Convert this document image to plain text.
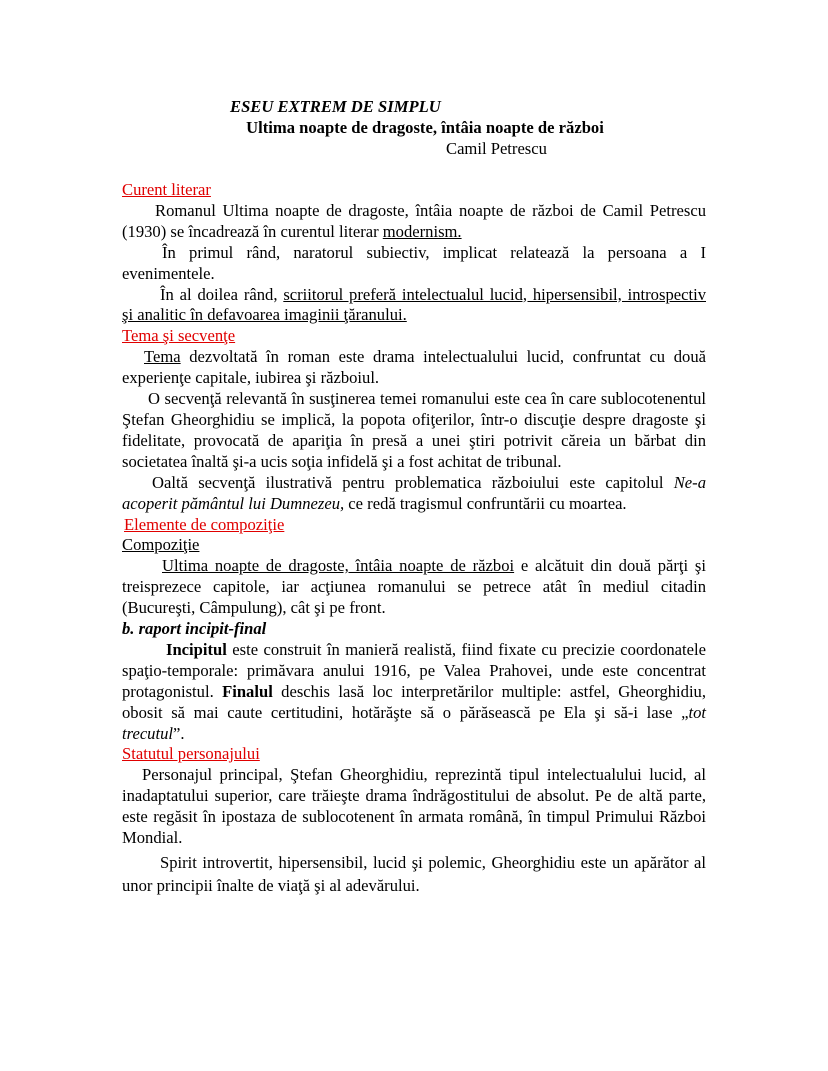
ESEU EXTREM DE SIMPLU
Ultima noapte de dragoste, întâia noapte de război
Camil Petrescu
Curent literar

Romanul Ultima noapte de dragoste, întâia noapte de război de Camil Petrescu (1930) se încadrează în curentul literar modernism.

În primul rând, naratorul subiectiv, implicat relatează la persoana a I evenimentele.

În al doilea rând, scriitorul preferă intelectualul lucid, hipersensibil, introspectiv şi analitic în defavoarea imaginii ţăranului.

Tema şi secvenţe

Tema dezvoltată în roman este drama intelectualului lucid, confruntat cu două experienţe capitale, iubirea şi războiul.

O secvenţă relevantă în susţinerea temei romanului este cea în care sublocotenentul Ştefan Gheorghidiu se implică, la popota ofiţerilor, într-o discuţie despre dragoste şi fidelitate, provocată de apariţia în presă a unei ştiri potrivit căreia un bărbat din societatea înaltă şi-a ucis soţia infidelă şi a fost achitat de tribunal.

Oaltă secvenţă ilustrativă pentru problematica războiului este capitolul Ne-a acoperit pământul lui Dumnezeu, ce redă tragismul confruntării cu moartea.

Elemente de compoziţie
Compoziţie

Ultima noapte de dragoste, întâia noapte de război e alcătuit din două părţi şi treisprezece capitole, iar acţiunea romanului se petrece atât în mediul citadin (Bucureşti, Câmpulung), cât şi pe front.

b. raport incipit-final

Incipitul este construit în manieră realistă, fiind fixate cu precizie coordonatele spaţio-temporale: primăvara anului 1916, pe Valea Prahovei, unde este concentrat protagonistul. Finalul deschis lasă loc interpretărilor multiple: astfel, Gheorghidiu, obosit să mai caute certitudini, hotărăşte să o părăsească pe Ela şi să-i lase „tot trecutul”.

Statutul personajului

Personajul principal, Ştefan Gheorghidiu, reprezintă tipul intelectualului lucid, al inadaptatului superior, care trăieşte drama îndrăgostitului de absolut. Pe de altă parte, este regăsit în ipostaza de sublocotenent în armata română, în timpul Primului Război Mondial.

Spirit introvertit, hipersensibil, lucid şi polemic, Gheorghidiu este un apărător al unor principii înalte de viaţă şi al adevărului.
